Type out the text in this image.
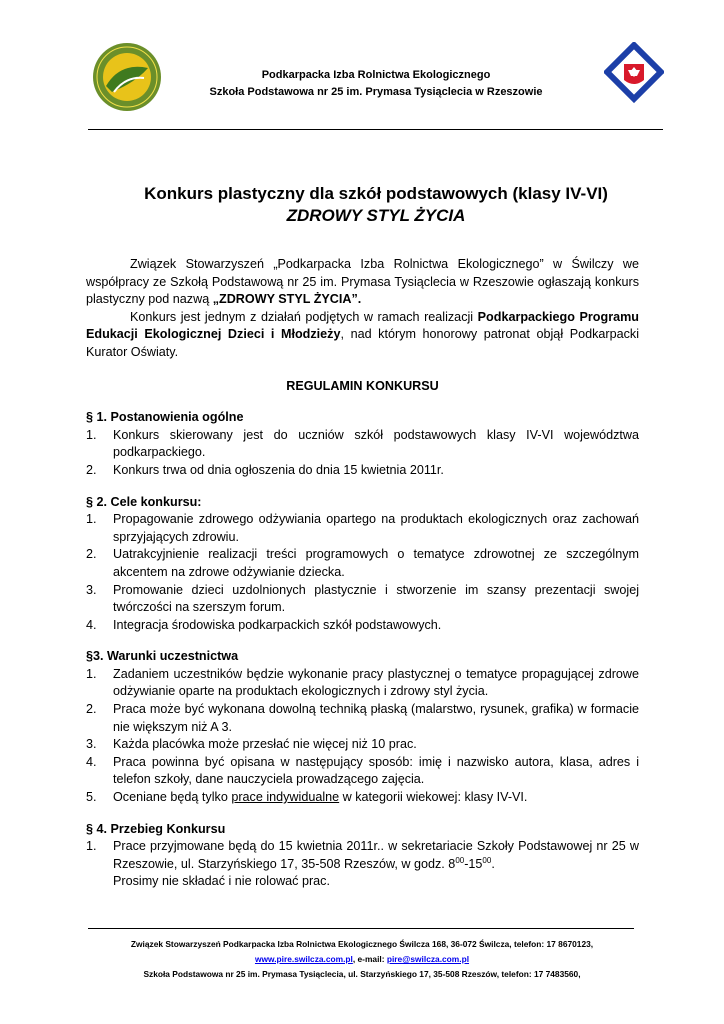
Podkarpacka Izba Rolnictwa Ekologicznego
Szkoła Podstawowa nr 25 im. Prymasa Tysiąclecia w Rzeszowie
Konkurs plastyczny dla szkół podstawowych (klasy IV-VI)
ZDROWY STYL ŻYCIA

Związek Stowarzyszeń „Podkarpacka Izba Rolnictwa Ekologicznego” w Świlczy we współpracy ze Szkołą Podstawową nr 25 im. Prymasa Tysiąclecia w Rzeszowie ogłaszają konkurs plastyczny pod nazwą „ZDROWY STYL ŻYCIA”.

Konkurs jest jednym z działań podjętych w ramach realizacji Podkarpackiego Programu Edukacji Ekologicznej Dzieci i Młodzieży, nad którym honorowy patronat objął Podkarpacki Kurator Oświaty.

REGULAMIN KONKURSU
§ 1. Postanowienia ogólne
1. Konkurs skierowany jest do uczniów szkół podstawowych klasy IV-VI województwa podkarpackiego.
2. Konkurs trwa od dnia ogłoszenia do dnia 15 kwietnia 2011r.
§ 2. Cele konkursu:
1. Propagowanie zdrowego odżywiania opartego na produktach ekologicznych oraz zachowań sprzyjających zdrowiu.
2. Uatrakcyjnienie realizacji treści programowych o tematyce zdrowotnej ze szczególnym akcentem na zdrowe odżywianie dziecka.
3. Promowanie dzieci uzdolnionych plastycznie i stworzenie im szansy prezentacji swojej twórczości na szerszym forum.
4. Integracja środowiska podkarpackich szkół podstawowych.
§3. Warunki uczestnictwa
1. Zadaniem uczestników będzie wykonanie pracy plastycznej o tematyce propagującej zdrowe odżywianie oparte na produktach ekologicznych i zdrowy styl życia.
2. Praca może być wykonana dowolną techniką płaską (malarstwo, rysunek, grafika) w formacie nie większym niż A 3.
3. Każda placówka może przesłać nie więcej niż 10 prac.
4. Praca powinna być opisana w następujący sposób: imię i nazwisko autora, klasa, adres i telefon szkoły, dane nauczyciela prowadzącego zajęcia.
5. Oceniane będą tylko prace indywidualne w kategorii wiekowej: klasy IV-VI.
§ 4. Przebieg Konkursu
1. Prace przyjmowane będą do 15 kwietnia 2011r.. w sekretariacie Szkoły Podstawowej nr 25 w Rzeszowie, ul. Starzyńskiego 17, 35-508 Rzeszów, w godz. $8^{00}-15^{00}$.
Prosimy nie składać i nie rolować prac.
Związek Stowarzyszeń Podkarpacka Izba Rolnictwa Ekologicznego Świlcza 168, 36-072 Świlcza, telefon: 17 8670123,
www.pire.swilcza.com.pl, e-mail: pire@swilcza.com.pl
Szkoła Podstawowa nr 25 im. Prymasa Tysiąclecia, ul. Starzyńskiego 17, 35-508 Rzeszów, telefon: 17 7483560,
